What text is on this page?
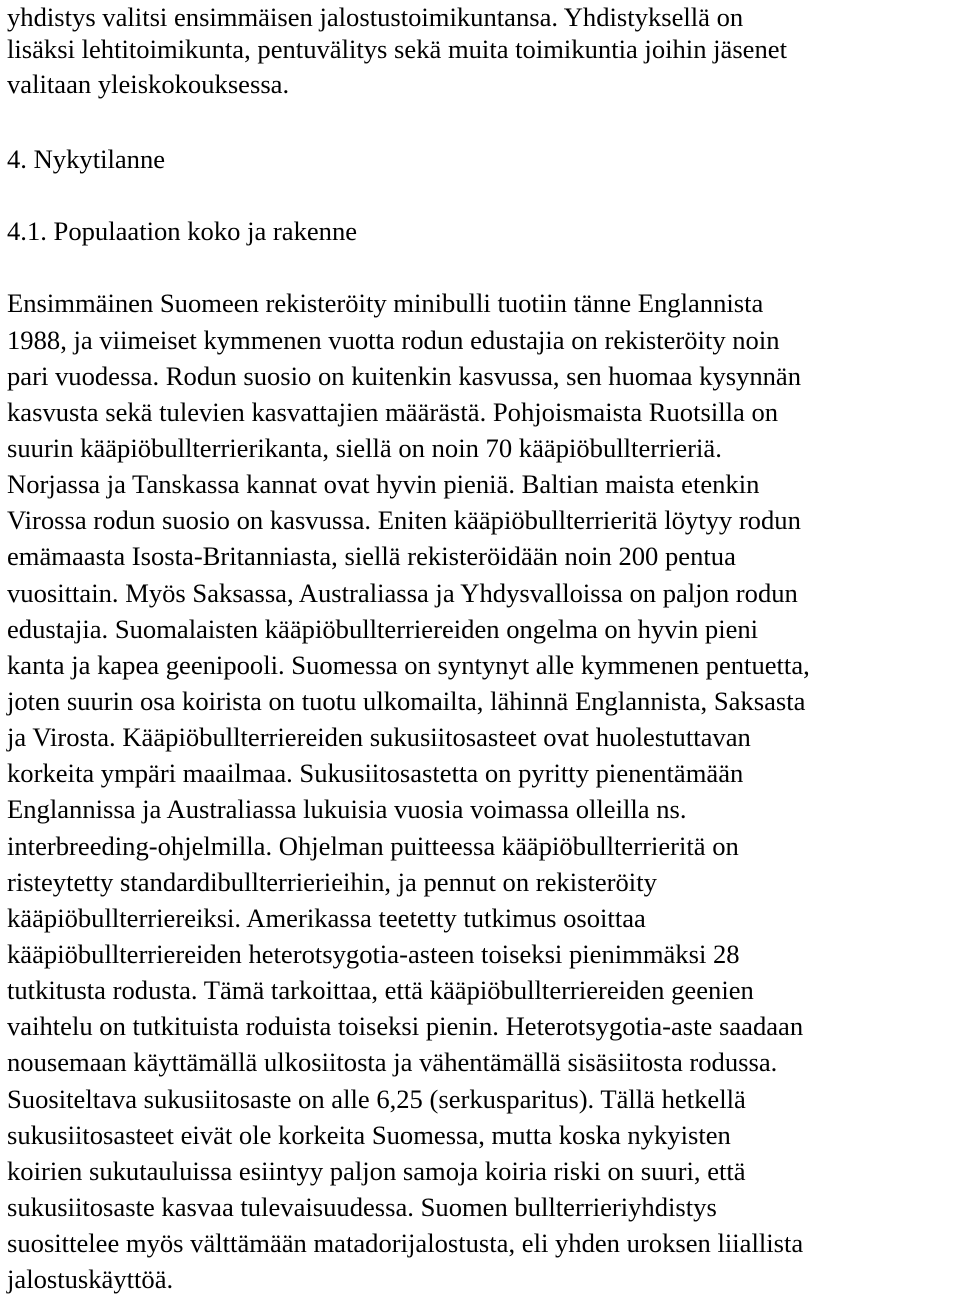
yhdistys valitsi ensimmäisen jalostustoimikuntansa. Yhdistyksellä on
lisäksi lehtitoimikunta, pentuvälitys sekä muita toimikuntia joihin jäsenet
valitaan yleiskokouksessa.
4. Nykytilanne
4.1. Populaation koko ja rakenne
Ensimmäinen Suomeen rekisteröity minibulli tuotiin tänne Englannista
1988, ja viimeiset kymmenen vuotta rodun edustajia on rekisteröity noin
pari vuodessa. Rodun suosio on kuitenkin kasvussa, sen huomaa kysynnän
kasvusta sekä tulevien kasvattajien määrästä. Pohjoismaista Ruotsilla on
suurin kääpiöbullterrierikanta, siellä on noin 70 kääpiöbullterrieriä.
Norjassa ja Tanskassa kannat ovat hyvin pieniä. Baltian maista etenkin
Virossa rodun suosio on kasvussa. Eniten kääpiöbullterrieritä löytyy rodun
emämaasta Isosta-Britanniasta, siellä rekisteröidään noin 200 pentua
vuosittain. Myös Saksassa, Australiassa ja Yhdysvalloissa on paljon rodun
edustajia. Suomalaisten kääpiöbullterriereiden ongelma on hyvin pieni
kanta ja kapea geenipooli. Suomessa on syntynyt alle kymmenen pentuetta,
joten suurin osa koirista on tuotu ulkomailta, lähinnä Englannista, Saksasta
ja Virosta. Kääpiöbullterriereiden sukusiitosasteet ovat huolestuttavan
korkeita ympäri maailmaa. Sukusiitosastetta on pyritty pienentämään
Englannissa ja Australiassa lukuisia vuosia voimassa olleilla ns.
interbreeding-ohjelmilla. Ohjelman puitteessa kääpiöbullterrieritä on
risteytetty standardibullterrierieihin, ja pennut on rekisteröity
kääpiöbullterriereiksi. Amerikassa teetetty tutkimus osoittaa
kääpiöbullterriereiden heterotsygotia-asteen toiseksi pienimmäksi 28
tutkitusta rodusta. Tämä tarkoittaa, että kääpiöbullterriereiden geenien
vaihtelu on tutkituista roduista toiseksi pienin. Heterotsygotia-aste saadaan
nousemaan käyttämällä ulkosiitosta ja vähentämällä sisäsiitosta rodussa.
Suositeltava sukusiitosaste on alle 6,25 (serkusparitus). Tällä hetkellä
sukusiitosasteet eivät ole korkeita Suomessa, mutta koska nykyisten
koirien sukutauluissa esiintyy paljon samoja koiria riski on suuri, että
sukusiitosaste kasvaa tulevaisuudessa. Suomen bullterrieriyhdistys
suosittelee myös välttämään matadorijalostusta, eli yhden uroksen liiallista
jalostuskäyttöä.
